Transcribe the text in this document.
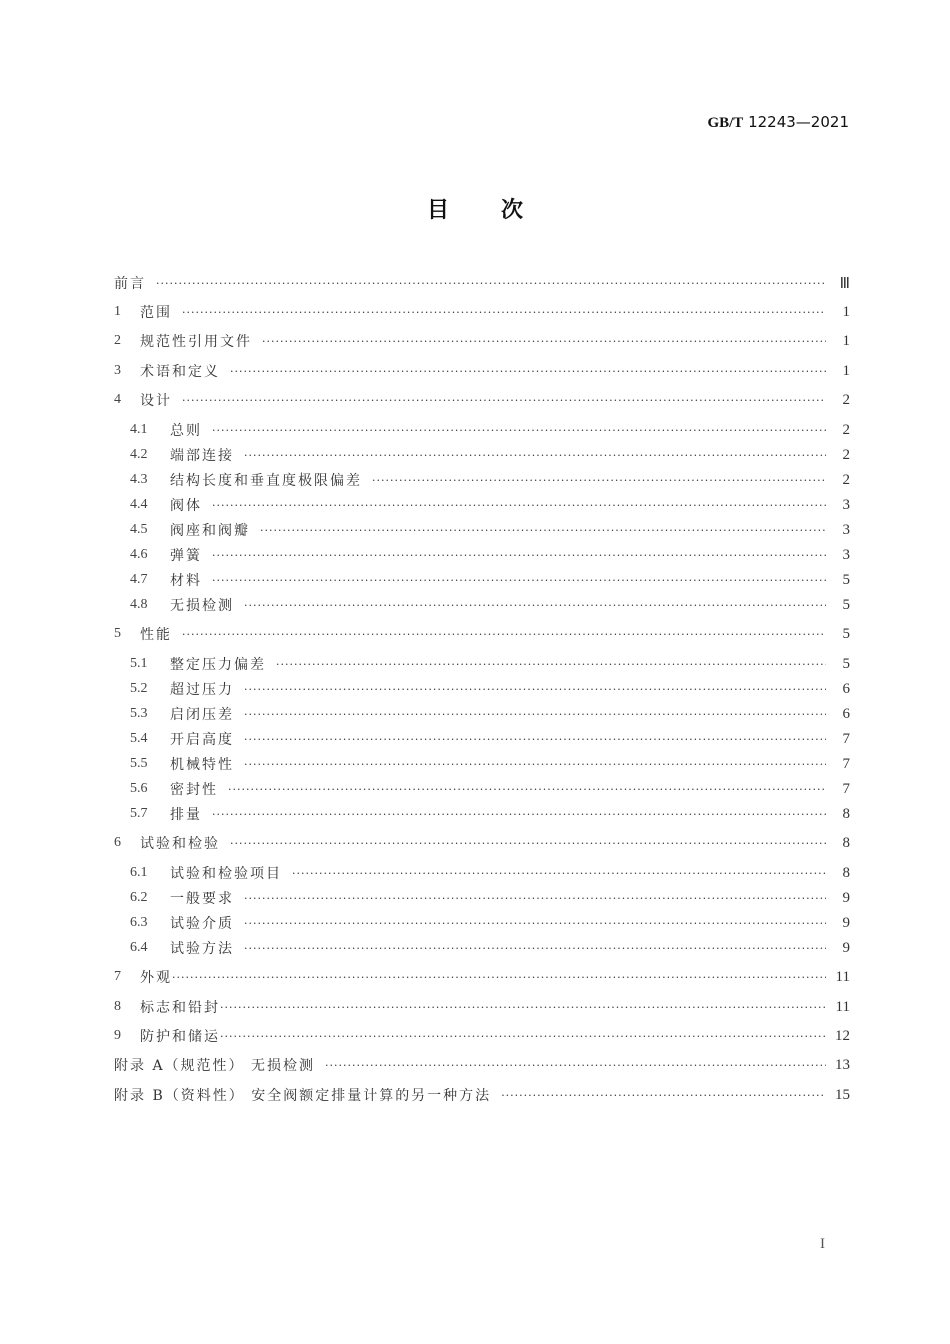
GB/T 12243—2021
目 次
前言 ·····	Ⅲ
1	范围 ·····	1
2	规范性引用文件 ·····	1
3	术语和定义 ·····	1
4	设计 ·····	2
4.1	总则 ·····	2
4.2	端部连接 ·····	2
4.3	结构长度和垂直度极限偏差 ·····	2
4.4	阀体 ·····	3
4.5	阀座和阀瓣 ·····	3
4.6	弹簧 ·····	3
4.7	材料 ·····	5
4.8	无损检测 ·····	5
5	性能 ·····	5
5.1	整定压力偏差 ·····	5
5.2	超过压力 ·····	6
5.3	启闭压差 ·····	6
5.4	开启高度 ·····	7
5.5	机械特性 ·····	7
5.6	密封性 ·····	7
5.7	排量 ·····	8
6	试验和检验 ·····	8
6.1	试验和检验项目 ·····	8
6.2	一般要求 ·····	9
6.3	试验介质 ·····	9
6.4	试验方法 ·····	9
7	外观 ·····	11
8	标志和铅封 ·····	11
9	防护和储运 ·····	12
附录 A（规范性） 无损检测 ·····	13
附录 B（资料性） 安全阀额定排量计算的另一种方法 ·····	15
I
